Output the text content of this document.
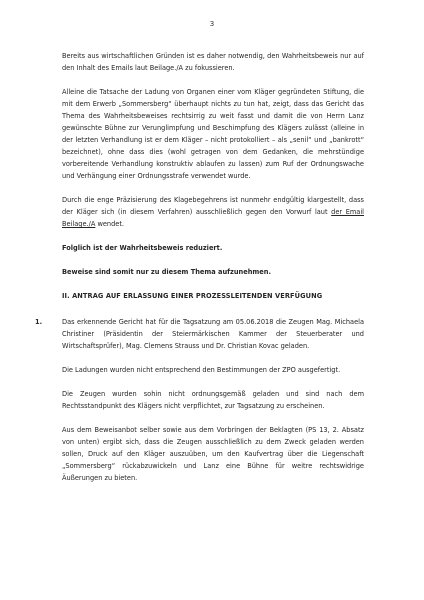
3

Bereits aus wirtschaftlichen Gründen ist es daher notwendig, den Wahrheitsbeweis nur auf den Inhalt des Emails laut Beilage./A zu fokussieren.

Alleine die Tatsache der Ladung von Organen einer vom Kläger gegründeten Stiftung, die mit dem Erwerb „Sommersberg“ überhaupt nichts zu tun hat, zeigt, dass das Gericht das Thema des Wahrheitsbeweises rechtsirrig zu weit fasst und damit die von Herrn Lanz gewünschte Bühne zur Verunglimpfung und Beschimpfung des Klägers zulässt (alleine in der letzten Verhandlung ist er dem Kläger – nicht protokolliert – als „senil“ und „bankrott“ bezeichnet), ohne dass dies (wohl getragen von dem Gedanken, die mehrstündige vorbereitende Verhandlung konstruktiv ablaufen zu lassen) zum Ruf der Ordnungswache und Verhängung einer Ordnungsstrafe verwendet wurde.

Durch die enge Präzisierung des Klagebegehrens ist nunmehr endgültig klargestellt, dass der Kläger sich (in diesem Verfahren) ausschließlich gegen den Vorwurf laut der Email Beilage./A wendet.

Folglich ist der Wahrheitsbeweis reduziert.

Beweise sind somit nur zu diesem Thema aufzunehmen.

II. ANTRAG AUF ERLASSUNG EINER PROZESSLEITENDEN VERFÜGUNG

1.	Das erkennende Gericht hat für die Tagsatzung am 05.06.2018 die Zeugen Mag. Michaela Christiner (Präsidentin der Steiermärkischen Kammer der Steuerberater und Wirtschaftsprüfer), Mag. Clemens Strauss und Dr. Christian Kovac geladen.

Die Ladungen wurden nicht entsprechend den Bestimmungen der ZPO ausgefertigt.

Die Zeugen wurden sohin nicht ordnungsgemäß geladen und sind nach dem Rechtsstandpunkt des Klägers nicht verpflichtet, zur Tagsatzung zu erscheinen.

Aus dem Beweisanbot selber sowie aus dem Vorbringen der Beklagten (PS 13, 2. Absatz von unten) ergibt sich, dass die Zeugen ausschließlich zu dem Zweck geladen werden sollen, Druck auf den Kläger auszuüben, um den Kaufvertrag über die Liegenschaft „Sommersberg“ rückabzuwickeln und Lanz eine Bühne für weitre rechtswidrige Äußerungen zu bieten.
